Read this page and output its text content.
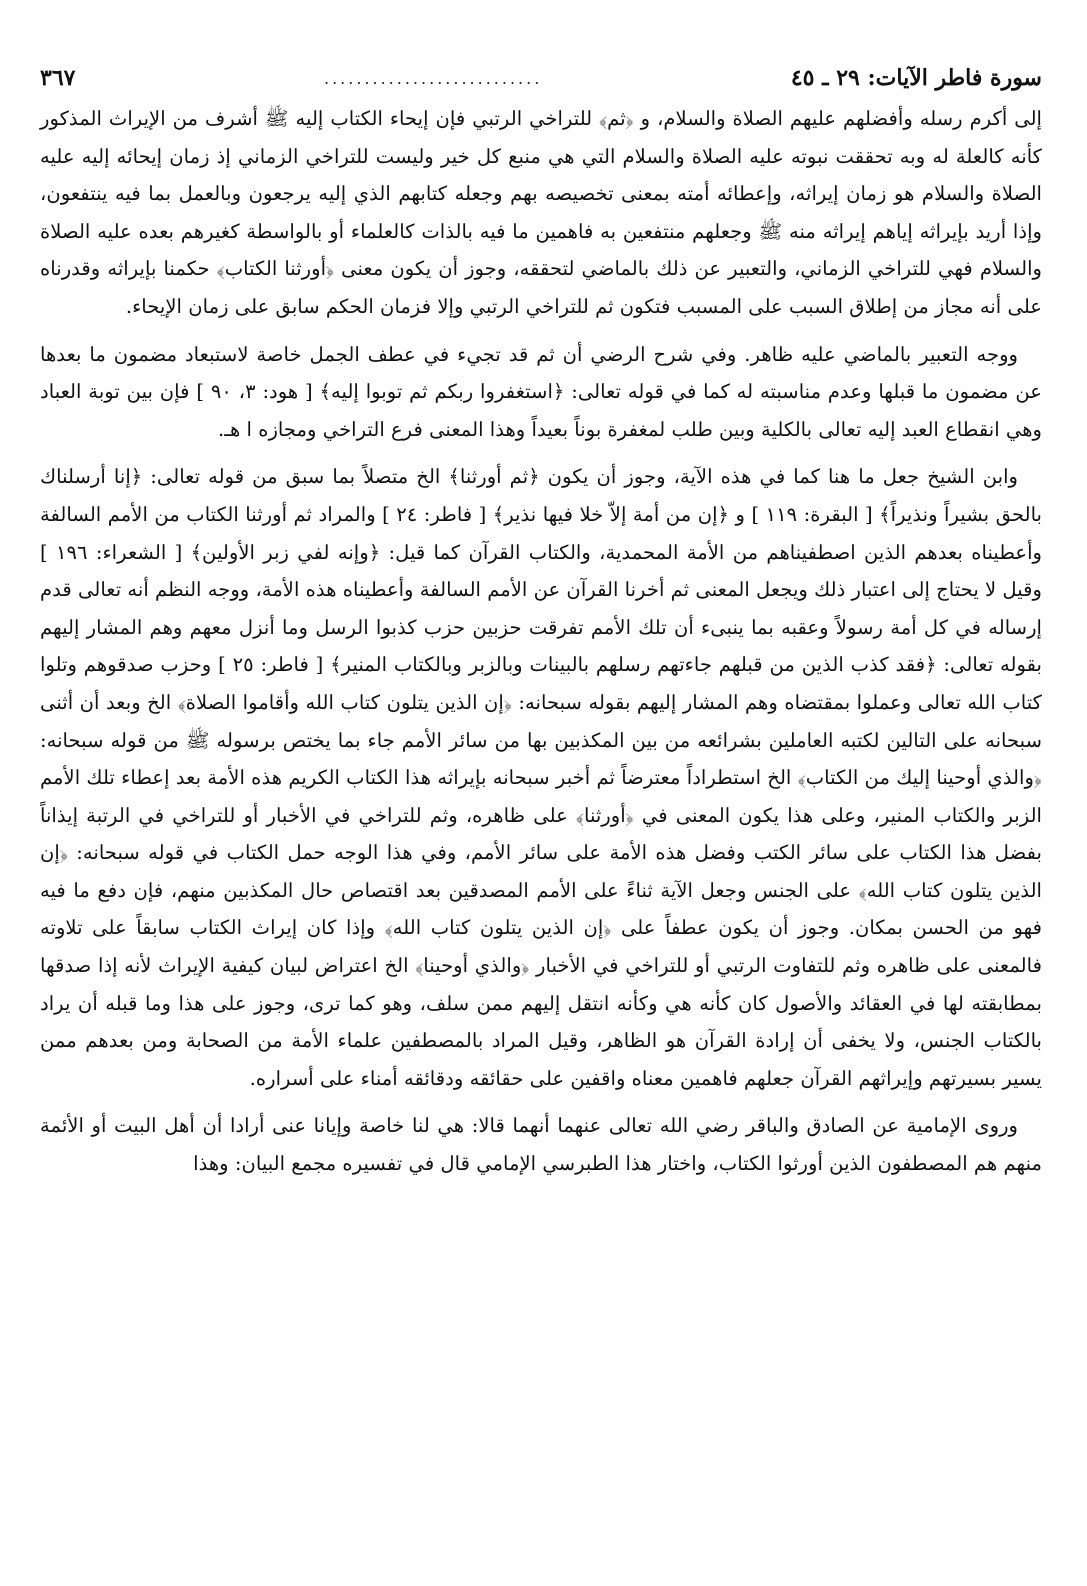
سورة فاطر الآيات: ٢٩ ـ ٤٥
...........................
٣٦٧

إلى أكرم رسله وأفضلهم عليهم الصلاة والسلام، و ﴿ثم﴾ للتراخي الرتبي فإن إيحاء الكتاب إليه ﷺ أشرف من الإيراث المذكور كأنه كالعلة له وبه تحققت نبوته عليه الصلاة والسلام التي هي منبع كل خير وليست للتراخي الزماني إذ زمان إيحائه إليه عليه الصلاة والسلام هو زمان إيراثه، وإعطائه أمته بمعنى تخصيصه بهم وجعله كتابهم الذي إليه يرجعون وبالعمل بما فيه ينتفعون، وإذا أريد بإيراثه إياهم إيراثه منه ﷺ وجعلهم منتفعين به فاهمين ما فيه بالذات كالعلماء أو بالواسطة كغيرهم بعده عليه الصلاة والسلام فهي للتراخي الزماني، والتعبير عن ذلك بالماضي لتحققه، وجوز أن يكون معنى ﴿أورثنا الكتاب﴾ حكمنا بإيراثه وقدرناه على أنه مجاز من إطلاق السبب على المسبب فتكون ثم للتراخي الرتبي وإلا فزمان الحكم سابق على زمان الإيحاء.

ووجه التعبير بالماضي عليه ظاهر. وفي شرح الرضي أن ثم قد تجيء في عطف الجمل خاصة لاستبعاد مضمون ما بعدها عن مضمون ما قبلها وعدم مناسبته له كما في قوله تعالى: ﴿استغفروا ربكم ثم توبوا إليه﴾ [ هود: ٣، ٩٠ ] فإن بين توبة العباد وهي انقطاع العبد إليه تعالى بالكلية وبين طلب لمغفرة بوناً بعيداً وهذا المعنى فرع التراخي ومجازه ا هـ.

وابن الشيخ جعل ما هنا كما في هذه الآية، وجوز أن يكون ﴿ثم أورثنا﴾ الخ متصلاً بما سبق من قوله تعالى: ﴿إنا أرسلناك بالحق بشيراً ونذيراً﴾ [ البقرة: ١١٩ ] و ﴿إن من أمة إلاّ خلا فيها نذير﴾ [ فاطر: ٢٤ ] والمراد ثم أورثنا الكتاب من الأمم السالفة وأعطيناه بعدهم الذين اصطفيناهم من الأمة المحمدية، والكتاب القرآن كما قيل: ﴿وإنه لفي زبر الأولين﴾ [ الشعراء: ١٩٦ ] وقيل لا يحتاج إلى اعتبار ذلك ويجعل المعنى ثم أخرنا القرآن عن الأمم السالفة وأعطيناه هذه الأمة، ووجه النظم أنه تعالى قدم إرساله في كل أمة رسولاً وعقبه بما ينبىء أن تلك الأمم تفرقت حزبين حزب كذبوا الرسل وما أنزل معهم وهم المشار إليهم بقوله تعالى: ﴿فقد كذب الذين من قبلهم جاءتهم رسلهم بالبينات وبالزبر وبالكتاب المنير﴾ [ فاطر: ٢٥ ] وحزب صدقوهم وتلوا كتاب الله تعالى وعملوا بمقتضاه وهم المشار إليهم بقوله سبحانه: ﴿إن الذين يتلون كتاب الله وأقاموا الصلاة﴾ الخ وبعد أن أثنى سبحانه على التالين لكتبه العاملين بشرائعه من بين المكذبين بها من سائر الأمم جاء بما يختص برسوله ﷺ من قوله سبحانه: ﴿والذي أوحينا إليك من الكتاب﴾ الخ استطراداً معترضاً ثم أخبر سبحانه بإيراثه هذا الكتاب الكريم هذه الأمة بعد إعطاء تلك الأمم الزبر والكتاب المنير، وعلى هذا يكون المعنى في ﴿أورثنا﴾ على ظاهره، وثم للتراخي في الأخبار أو للتراخي في الرتبة إيذاناً بفضل هذا الكتاب على سائر الكتب وفضل هذه الأمة على سائر الأمم، وفي هذا الوجه حمل الكتاب في قوله سبحانه: ﴿إن الذين يتلون كتاب الله﴾ على الجنس وجعل الآية ثناءً على الأمم المصدقين بعد اقتصاص حال المكذبين منهم، فإن دفع ما فيه فهو من الحسن بمكان. وجوز أن يكون عطفاً على ﴿إن الذين يتلون كتاب الله﴾ وإذا كان إيراث الكتاب سابقاً على تلاوته فالمعنى على ظاهره وثم للتفاوت الرتبي أو للتراخي في الأخبار ﴿والذي أوحينا﴾ الخ اعتراض لبيان كيفية الإيراث لأنه إذا صدقها بمطابقته لها في العقائد والأصول كان كأنه هي وكأنه انتقل إليهم ممن سلف، وهو كما ترى، وجوز على هذا وما قبله أن يراد بالكتاب الجنس، ولا يخفى أن إرادة القرآن هو الظاهر، وقيل المراد بالمصطفين علماء الأمة من الصحابة ومن بعدهم ممن يسير بسيرتهم وإيراثهم القرآن جعلهم فاهمين معناه واقفين على حقائقه ودقائقه أمناء على أسراره.

وروى الإمامية عن الصادق والباقر رضي الله تعالى عنهما أنهما قالا: هي لنا خاصة وإيانا عنى أرادا أن أهل البيت أو الأئمة منهم هم المصطفون الذين أورثوا الكتاب، واختار هذا الطبرسي الإمامي قال في تفسيره مجمع البيان: وهذا
